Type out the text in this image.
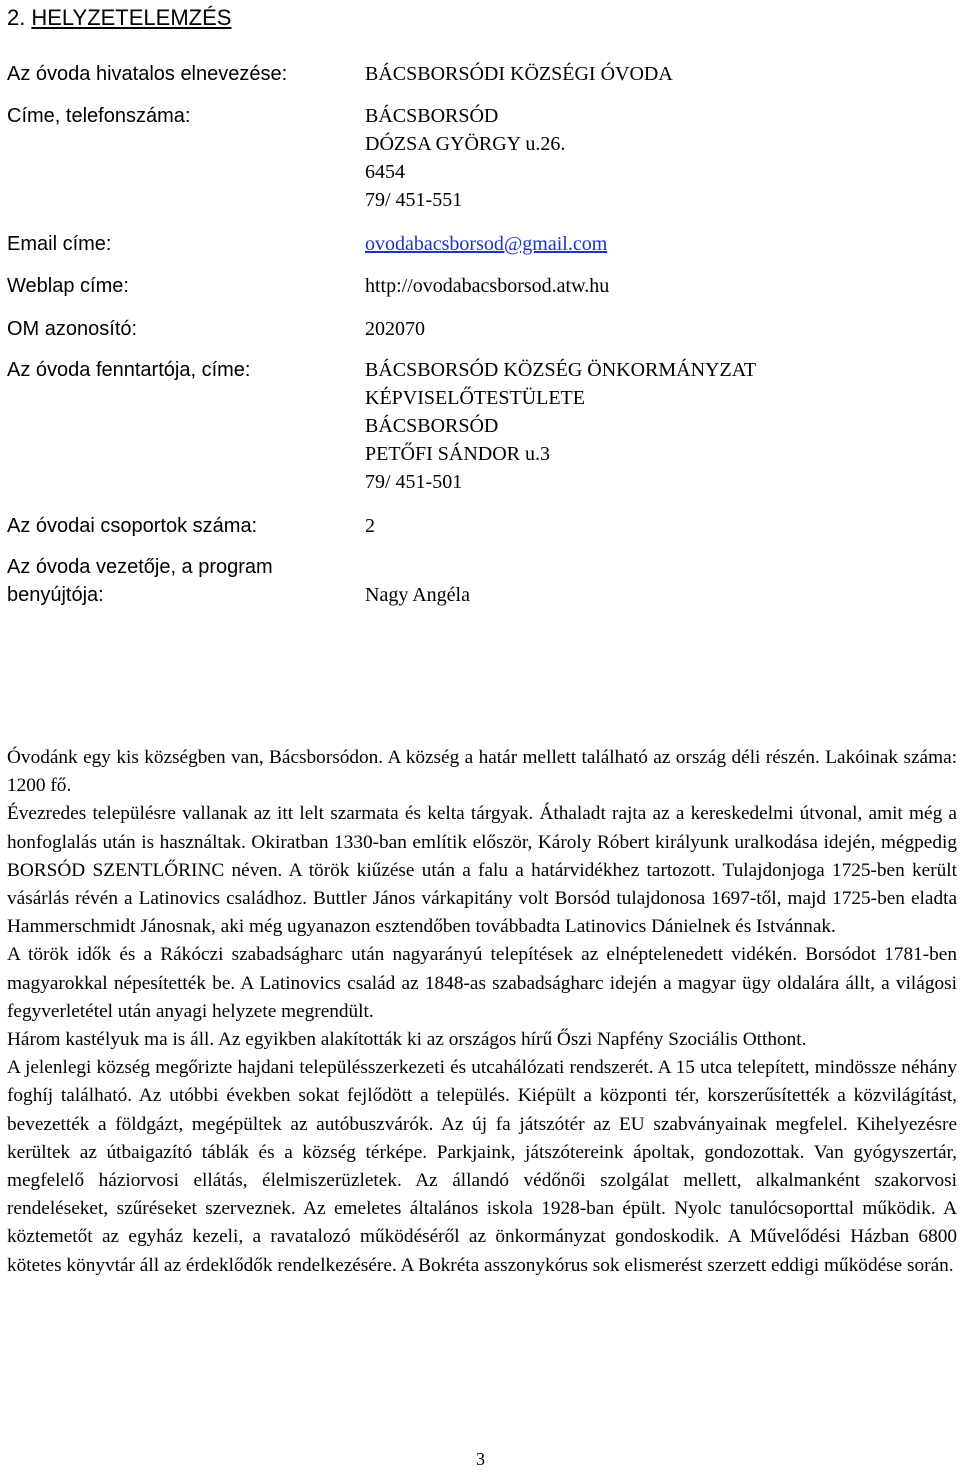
2. HELYZETELEMZÉS
Az óvoda hivatalos elnevezése:	BÁCSBORSÓDI KÖZSÉGI ÓVODA
Címe, telefonszáma:	BÁCSBORSÓD
DÓZSA GYÖRGY u.26.
6454
79/ 451-551
Email címe:	ovodabacsborsod@gmail.com
Weblap címe:	http://ovodabacsborsod.atw.hu
OM azonosító:	202070
Az óvoda fenntartója, címe:	BÁCSBORSÓD KÖZSÉG ÖNKORMÁNYZAT
KÉPVISELŐTESTÜLETE
BÁCSBORSÓD
PETŐFI SÁNDOR u.3
79/ 451-501
Az óvodai csoportok száma:	2
Az óvoda vezetője, a program
benyújtója:	Nagy Angéla

Óvodánk egy kis községben van, Bácsborsódon. A község a határ mellett található az ország déli részén. Lakóinak száma: 1200 fő.

Évezredes településre vallanak az itt lelt szarmata és kelta tárgyak. Áthaladt rajta az a kereskedelmi útvonal, amit még a honfoglalás után is használtak. Okiratban 1330-ban említik először, Károly Róbert királyunk uralkodása idején, mégpedig BORSÓD SZENTLŐRINC néven. A török kiűzése után a falu a határvidékhez tartozott. Tulajdonjoga 1725-ben került vásárlás révén a Latinovics családhoz. Buttler János várkapitány volt Borsód tulajdonosa 1697-től, majd 1725-ben eladta Hammerschmidt Jánosnak, aki még ugyanazon esztendőben továbbadta Latinovics Dánielnek és Istvánnak.

A török idők és a Rákóczi szabadságharc után nagyarányú telepítések az elnéptelenedett vidékén. Borsódot 1781-ben magyarokkal népesítették be. A Latinovics család az 1848-as szabadságharc idején a magyar ügy oldalára állt, a világosi fegyverletétel után anyagi helyzete megrendült.

Három kastélyuk ma is áll. Az egyikben alakították ki az országos hírű Őszi Napfény Szociális Otthont.

A jelenlegi község megőrizte hajdani településszerkezeti és utcahálózati rendszerét. A 15 utca telepített, mindössze néhány foghíj található. Az utóbbi években sokat fejlődött a település. Kiépült a központi tér, korszerűsítették a közvilágítást, bevezették a földgázt, megépültek az autóbuszvárók. Az új fa játszótér az EU szabványainak megfelel. Kihelyezésre kerültek az útbaigazító táblák és a község térképe. Parkjaink, játszótereink ápoltak, gondozottak. Van gyógyszertár, megfelelő háziorvosi ellátás, élelmiszerüzletek. Az állandó védőnői szolgálat mellett, alkalmanként szakorvosi rendeléseket, szűréseket szerveznek. Az emeletes általános iskola 1928-ban épült. Nyolc tanulócsoporttal működik. A köztemetőt az egyház kezeli, a ravatalozó működéséről az önkormányzat gondoskodik. A Művelődési Házban 6800 kötetes könyvtár áll az érdeklődők rendelkezésére. A Bokréta asszonykórus sok elismerést szerzett eddigi működése során.

3
